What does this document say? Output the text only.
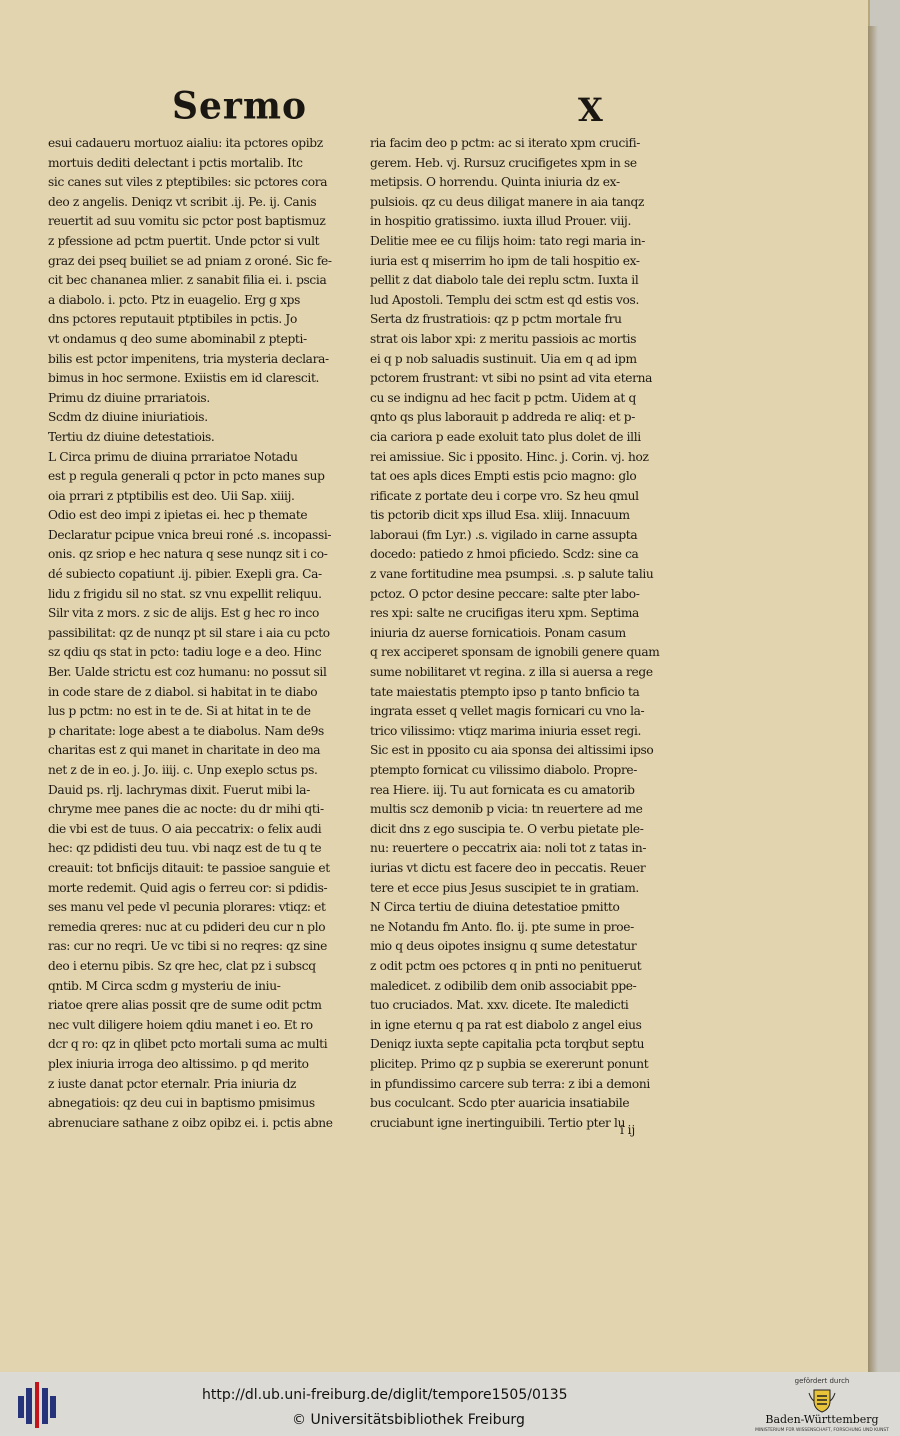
Sermo	X
esui cadaueru mortuoz aialiu: ita pctores opibz
mortuis dediti delectant i pctis mortalib. Itc
sic canes sut viles z pteptibiles: sic pctores cora
deo z angelis. Deniqz vt scribit .ij. Pe. ij. Canis
reuertit ad suu vomitu sic pctor post baptismuz
z pfessione ad pctm puertit. Unde pctor si vult
graz dei pseq builiet se ad pniam z oroné. Sic fe-
cit bec chananea mlier. z sanabit filia ei. i. pscia
a diabolo. i. pcto. Ptz in euagelio. Erg g xps
dns pctores reputauit ptptibiles in pctis. Jo
vt ondamus q deo sume abominabil z ptepti-
bilis est pctor impenitens, tria mysteria declara-
bimus in hoc sermone. Exiistis em id clarescit.
Primu dz diuine prrariatois.
Scdm dz diuine iniuriatiois.
Tertiu dz diuine detestatiois.
L Circa primu de diuina prrariatoe Notadu
est p regula generali q pctor in pcto manes sup
oia prrari z ptptibilis est deo. Uii Sap. xiiij.
Odio est deo impi z ipietas ei. hec p themate
Declaratur pcipue vnica breui roné .s. incopassi-
onis. qz sriop e hec natura q sese nunqz sit i co-
dé subiecto copatiunt .ij. pibier. Exepli gra. Ca-
lidu z frigidu sil no stat. sz vnu expellit reliquu.
Silr vita z mors. z sic de alijs. Est g hec ro inco
passibilitat: qz de nunqz pt sil stare i aia cu pcto
sz qdiu qs stat in pcto: tadiu loge e a deo. Hinc
Ber. Ualde strictu est coz humanu: no possut sil
in code stare de z diabol. si habitat in te diabo
lus p pctm: no est in te de. Si at hitat in te de
p charitate: loge abest a te diabolus. Nam de9s
charitas est z qui manet in charitate in deo ma
net z de in eo. j. Jo. iiij. c. Unp exeplo sctus ps.
Dauid ps. rlj. lachrymas dixit. Fuerut mibi la-
chryme mee panes die ac nocte: du dr mihi qti-
die vbi est de tuus. O aia peccatrix: o felix audi
hec: qz pdidisti deu tuu. vbi naqz est de tu q te
creauit: tot bnficijs ditauit: te passioe sanguie et
morte redemit. Quid agis o ferreu cor: si pdidis-
ses manu vel pede vl pecunia plorares: vtiqz: et
remedia qreres: nuc at cu pdideri deu cur n plo
ras: cur no reqri. Ue vc tibi si no reqres: qz sine
deo i eternu pibis. Sz qre hec, clat pz i subscq
qntib. M Circa scdm g mysteriu de iniu-
riatoe qrere alias possit qre de sume odit pctm
nec vult diligere hoiem qdiu manet i eo. Et ro
dcr q ro: qz in qlibet pcto mortali suma ac multi
plex iniuria irroga deo altissimo. p qd merito
z iuste danat pctor eternalr. Pria iniuria dz
abnegatiois: qz deu cui in baptismo pmisimus
abrenuciare sathane z oibz opibz ei. i. pctis abne
ria facim deo p pctm: ac si iterato xpm crucifi-
gerem. Heb. vj. Rursuz crucifigetes xpm in se
metipsis. O horrendu. Quinta iniuria dz ex-
pulsiois. qz cu deus diligat manere in aia tanqz
in hospitio gratissimo. iuxta illud Prouer. viij.
Delitie mee ee cu filijs hoim: tato regi maria in-
iuria est q miserrim ho ipm de tali hospitio ex-
pellit z dat diabolo tale dei replu sctm. Iuxta il
lud Apostoli. Templu dei sctm est qd estis vos.
Serta dz frustratiois: qz p pctm mortale fru
strat ois labor xpi: z meritu passiois ac mortis
ei q p nob saluadis sustinuit. Uia em q ad ipm
pctorem frustrant: vt sibi no psint ad vita eterna
cu se indignu ad hec facit p pctm. Uidem at q
qnto qs plus laborauit p addreda re aliq: et p-
cia cariora p eade exoluit tato plus dolet de illi
rei amissiue. Sic i pposito. Hinc. j. Corin. vj. hoz
tat oes apls dices Empti estis pcio magno: glo
rificate z portate deu i corpe vro. Sz heu qmul
tis pctorib dicit xps illud Esa. xliij. Innacuum
laboraui (fm Lyr.) .s. vigilado in carne assupta
docedo: patiedo z hmoi pficiedo. Scdz: sine ca
z vane fortitudine mea psumpsi. .s. p salute taliu
pctoz. O pctor desine peccare: salte pter labo-
res xpi: salte ne crucifigas iteru xpm. Septima
iniuria dz auerse fornicatiois. Ponam casum
q rex acciperet sponsam de ignobili genere quam
sume nobilitaret vt regina. z illa si auersa a rege
tate maiestatis ptempto ipso p tanto bnficio ta
ingrata esset q vellet magis fornicari cu vno la-
trico vilissimo: vtiqz marima iniuria esset regi.
Sic est in pposito cu aia sponsa dei altissimi ipso
ptempto fornicat cu vilissimo diabolo. Propre-
rea Hiere. iij. Tu aut fornicata es cu amatorib
multis scz demonib p vicia: tn reuertere ad me
dicit dns z ego suscipia te. O verbu pietate ple-
nu: reuertere o peccatrix aia: noli tot z tatas in-
iurias vt dictu est facere deo in peccatis. Reuer
tere et ecce pius Jesus suscipiet te in gratiam.
N Circa tertiu de diuina detestatioe pmitto
ne Notandu fm Anto. flo. ij. pte sume in proe-
mio q deus oipotes insignu q sume detestatur
z odit pctm oes pctores q in pnti no penituerut
maledicet. z odibilib dem onib associabit ppe-
tuo cruciados. Mat. xxv. dicete. Ite maledicti
in igne eternu q pa rat est diabolo z angel eius
Deniqz iuxta septe capitalia pcta torqbut septu
plicitep. Primo qz p supbia se exererunt ponunt
in pfundissimo carcere sub terra: z ibi a demoni
bus coculcant. Scdo pter auaricia insatiabile
cruciabunt igne inertinguibili. Tertio pter lu
i ij
http://dl.ub.uni-freiburg.de/diglit/tempore1505/0135
© Universitätsbibliothek Freiburg
gefördert durch
Baden-Württemberg
MINISTERIUM FÜR WISSENSCHAFT, FORSCHUNG UND KUNST
